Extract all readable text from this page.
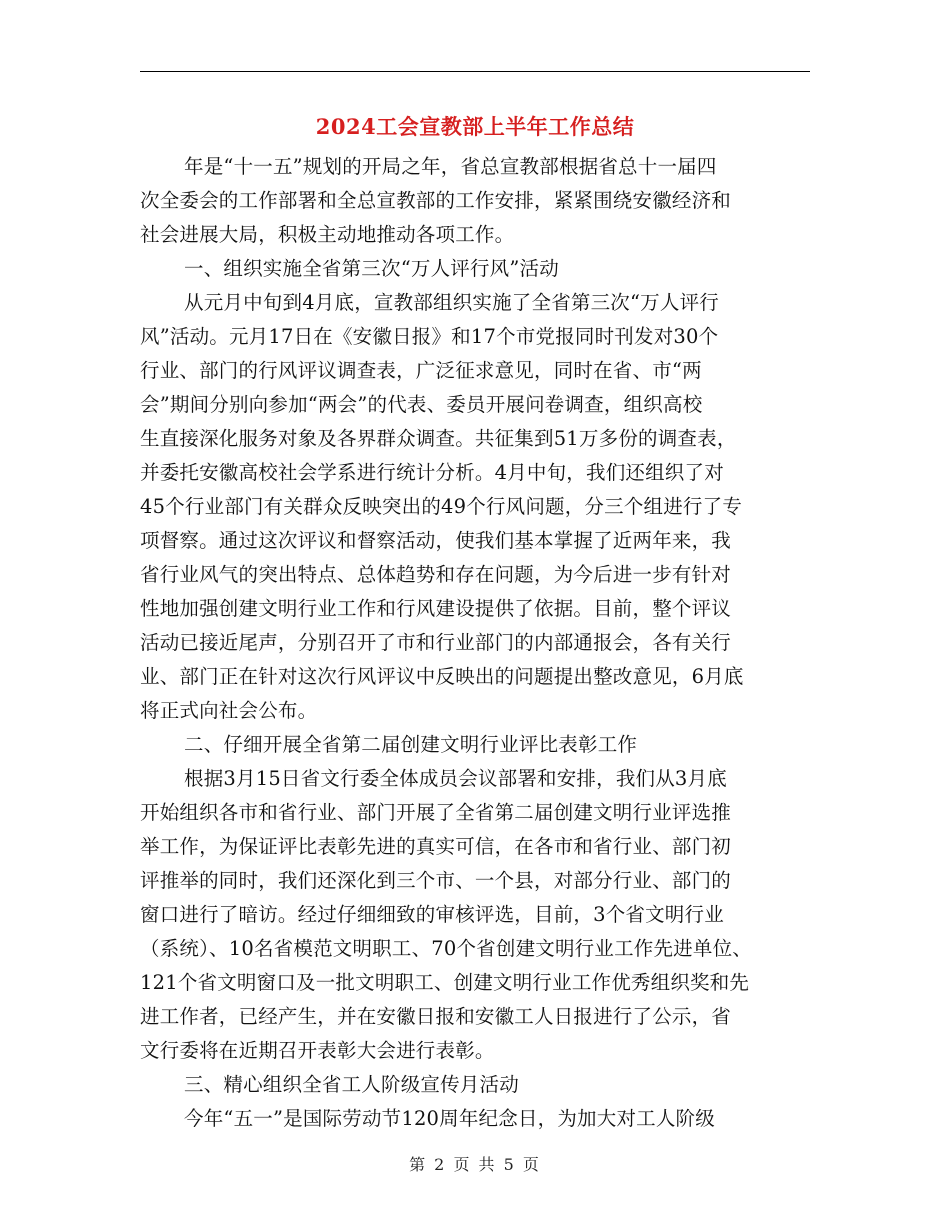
2024工会宣教部上半年工作总结
年是“十一五”规划的开局之年，省总宣教部根据省总十一届四
次全委会的工作部署和全总宣教部的工作安排，紧紧围绕安徽经济和
社会进展大局，积极主动地推动各项工作。
一、组织实施全省第三次“万人评行风”活动
从元月中旬到4月底，宣教部组织实施了全省第三次“万人评行
风”活动。元月17日在《安徽日报》和17个市党报同时刊发对30个
行业、部门的行风评议调查表，广泛征求意见，同时在省、市“两
会”期间分别向参加“两会”的代表、委员开展问卷调查，组织高校
生直接深化服务对象及各界群众调查。共征集到51万多份的调查表，
并委托安徽高校社会学系进行统计分析。4月中旬，我们还组织了对
45个行业部门有关群众反映突出的49个行风问题，分三个组进行了专
项督察。通过这次评议和督察活动，使我们基本掌握了近两年来，我
省行业风气的突出特点、总体趋势和存在问题，为今后进一步有针对
性地加强创建文明行业工作和行风建设提供了依据。目前，整个评议
活动已接近尾声，分别召开了市和行业部门的内部通报会，各有关行
业、部门正在针对这次行风评议中反映出的问题提出整改意见，6月底
将正式向社会公布。
二、仔细开展全省第二届创建文明行业评比表彰工作
根据3月15日省文行委全体成员会议部署和安排，我们从3月底
开始组织各市和省行业、部门开展了全省第二届创建文明行业评选推
举工作，为保证评比表彰先进的真实可信，在各市和省行业、部门初
评推举的同时，我们还深化到三个市、一个县，对部分行业、部门的
窗口进行了暗访。经过仔细细致的审核评选，目前，3个省文明行业
（系统）、10名省模范文明职工、70个省创建文明行业工作先进单位、
121个省文明窗口及一批文明职工、创建文明行业工作优秀组织奖和先
进工作者，已经产生，并在安徽日报和安徽工人日报进行了公示，省
文行委将在近期召开表彰大会进行表彰。
三、精心组织全省工人阶级宣传月活动
今年“五一”是国际劳动节120周年纪念日，为加大对工人阶级
第 2 页 共 5 页
